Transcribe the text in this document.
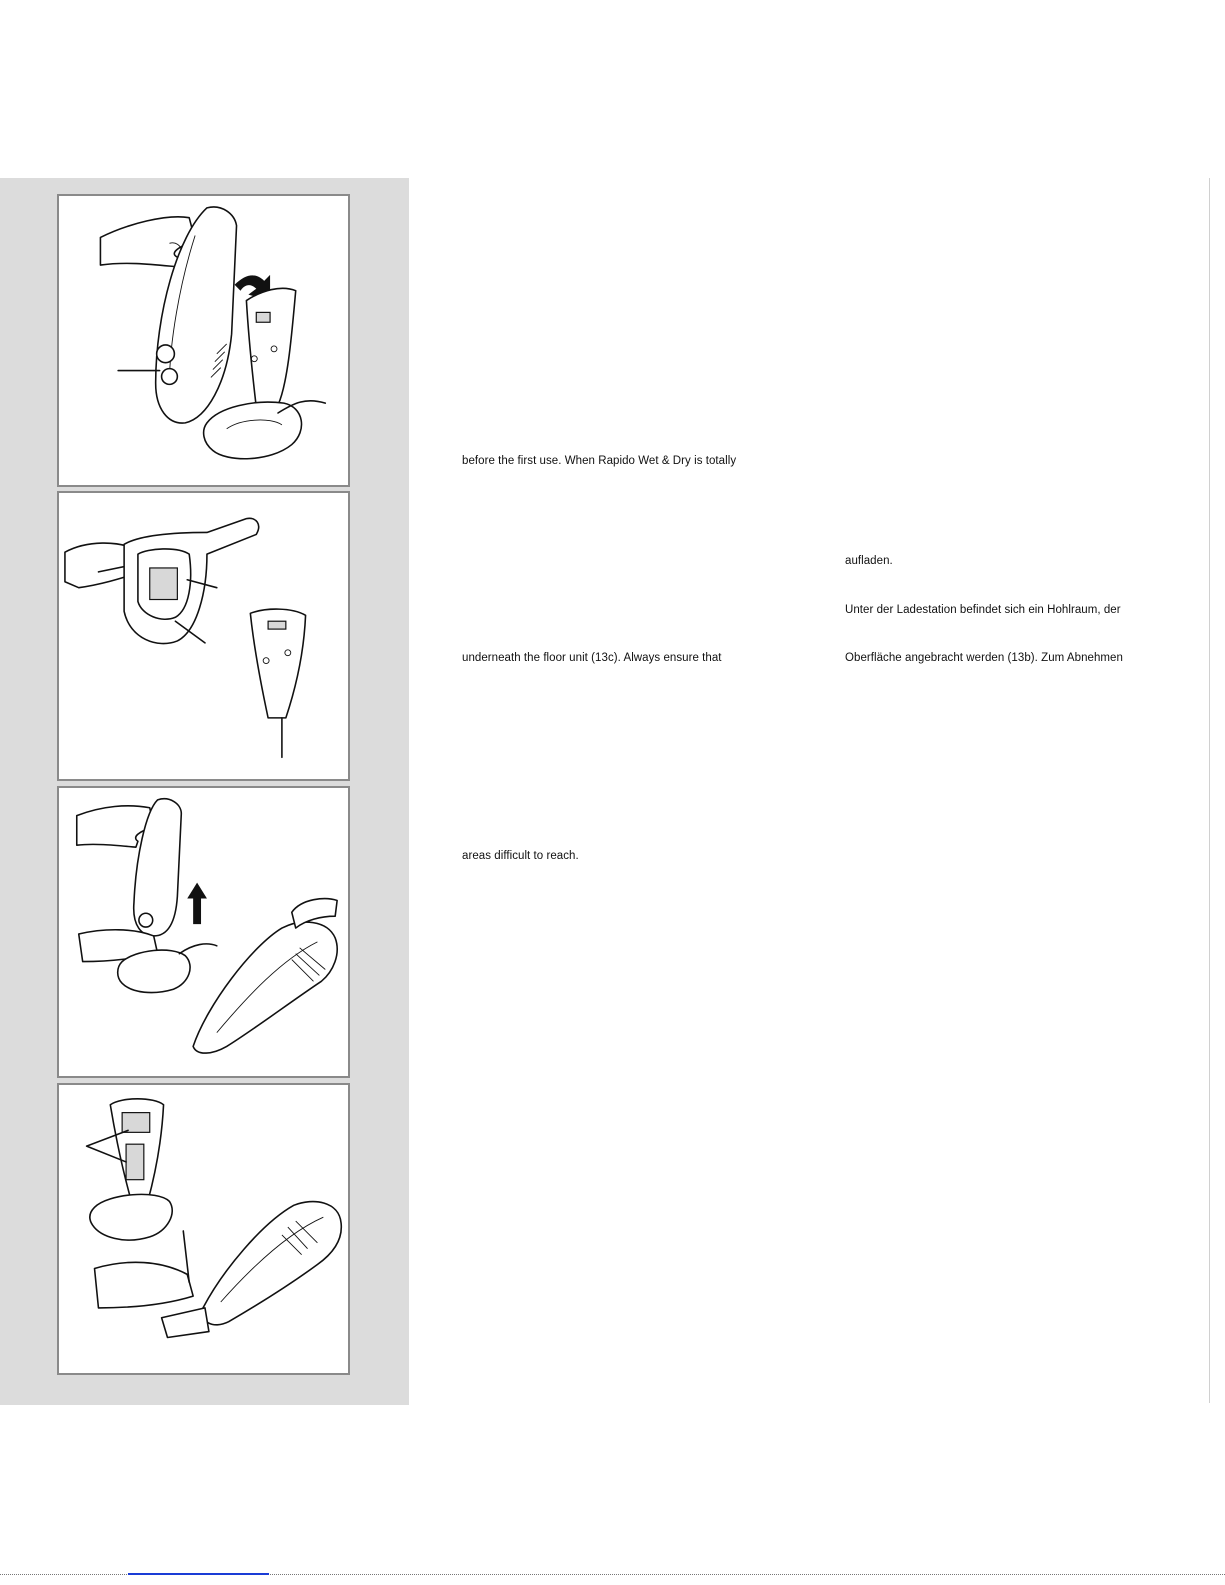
before the first use. When Rapido Wet & Dry is totally
underneath the floor unit (13c). Always ensure that
areas difficult to reach.
aufladen.
Unter der Ladestation befindet sich ein Hohlraum, der
Oberfläche angebracht werden (13b). Zum Abnehmen
